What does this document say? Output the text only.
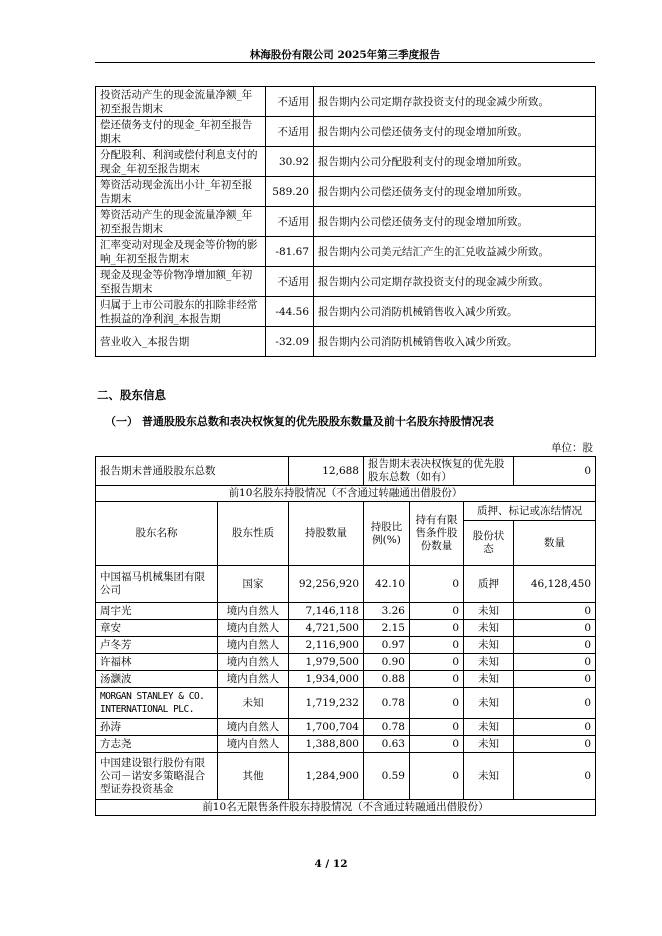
林海股份有限公司 2025年第三季度报告
投资活动产生的现金流量净额_年初至报告期末	不适用	报告期内公司定期存款投资支付的现金减少所致。
偿还债务支付的现金_年初至报告期末	不适用	报告期内公司偿还债务支付的现金增加所致。
分配股利、利润或偿付利息支付的现金_年初至报告期末	30.92	报告期内公司分配股利支付的现金增加所致。
筹资活动现金流出小计_年初至报告期末	589.20	报告期内公司偿还债务支付的现金增加所致。
筹资活动产生的现金流量净额_年初至报告期末	不适用	报告期内公司偿还债务支付的现金增加所致。
汇率变动对现金及现金等价物的影响_年初至报告期末	-81.67	报告期内公司美元结汇产生的汇兑收益减少所致。
现金及现金等价物净增加额_年初至报告期末	不适用	报告期内公司定期存款投资支付的现金减少所致。
归属于上市公司股东的扣除非经常性损益的净利润_本报告期	-44.56	报告期内公司消防机械销售收入减少所致。
营业收入_本报告期	-32.09	报告期内公司消防机械销售收入减少所致。
二、股东信息
（一） 普通股股东总数和表决权恢复的优先股股东数量及前十名股东持股情况表
单位：股
报告期末普通股股东总数		12,688	报告期末表决权恢复的优先股股东总数（如有）			0
前10名股东持股情况（不含通过转融通出借股份）						
股东名称	股东性质	持股数量	持股比例(%)	持有有限售条件股份数量	质押、标记或冻结情况	
					股份状态	数量
中国福马机械集团有限公司	国家	92,256,920	42.10	0	质押	46,128,450
周宇光	境内自然人	7,146,118	3.26	0	未知	0
章安	境内自然人	4,721,500	2.15	0	未知	0
卢冬芳	境内自然人	2,116,900	0.97	0	未知	0
许福林	境内自然人	1,979,500	0.90	0	未知	0
汤灏波	境内自然人	1,934,000	0.88	0	未知	0
MORGAN STANLEY & CO. INTERNATIONAL PLC.	未知	1,719,232	0.78	0	未知	0
孙涛	境内自然人	1,700,704	0.78	0	未知	0
方志尧	境内自然人	1,388,800	0.63	0	未知	0
中国建设银行股份有限公司－诺安多策略混合型证券投资基金	其他	1,284,900	0.59	0	未知	0
前10名无限售条件股东持股情况（不含通过转融通出借股份）						
4 / 12
